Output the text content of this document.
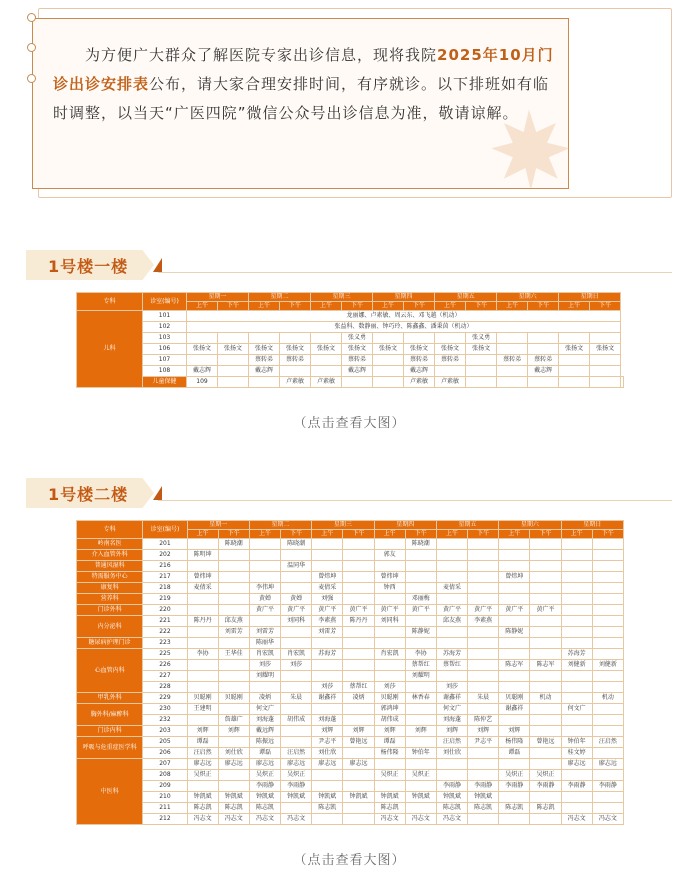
为方便广大群众了解医院专家出诊信息，现将我院2025年10月门诊出诊安排表公布，请大家合理安排时间，有序就诊。以下排班如有临时调整，以当天“广医四院”微信公众号出诊信息为准，敬请谅解。
1号楼一楼
专科	诊室(编号)	星期一		星期二		星期三		星期四		星期五		星期六		星期日		
		上午	下午	上午	下午	上午	下午	上午	下午	上午	下午	上午	下午	上午	下午	
儿科	101	龙丽娜、卢素敏、周云东、邓飞越（机动）														
	102	张益科、数静丽、钟巧玲、陈鑫鑫、潘秉茵（机动）														
	103						张义勇				张义勇					
	106	张扬文	张扬文	张扬文	张扬文	张扬文	张扬文	张扬文	张扬文	张扬文	张扬文			张扬文	张扬文	
	107			蔡转弟	蔡转弟		蔡转弟		蔡转弟	蔡转弟		蔡转弟	蔡转弟			
	108	戴志辉		戴志辉			戴志辉		戴志辉				戴志辉			
	儿童保健	109			卢素敏	卢素敏			卢素敏	卢素敏						
（点击查看大图）
1号楼二楼
专科	诊室(编号)	星期一		星期二		星期三		星期四		星期五		星期六		星期日	
		上午	下午	上午	下午	上午	下午	上午	下午	上午	下午	上午	下午	上午	下午
岭南名医	201		陈晓潮		陈晓潮				陈晓潮						
介入血管外科	202	陈明坤						郭友							
普通风湿科	216				温同华										
特需服务中心	217	曾炜坤				曾炜坤		曾炜坤				曾炜坤			
康复科	218	麦倩采		李伟坤		麦倩采		钟西		麦倩采					
营养科	219			黄婵	黄婵	刘强			邓丽梅						
门诊外科	220			黄广平	黄广平	黄广平	黄广平	黄广平	黄广平	黄广平	黄广平	黄广平	黄广平		
内分泌科	221	陈丹丹	邱友燕		刘同科	李素燕	陈丹丹	刘同科		邱友燕	李素燕				
	222		刘雷芳	刘雷芳		刘雷芳			陈静妮			陈静妮			
糖尿病护理门诊	223			陈丽华											
心血管内科	225	李协	王华佳	肖宏凯	肖宏凯	苏海芳		肖宏凯	李协	苏海芳				苏海芳	
	226			刘莎	刘莎				蔡帮红	蔡帮红		陈志军	陈志军	刘健新	刘健新
	227			刘耀明					刘耀明						
	228					刘莎	蔡帮红	刘莎		刘莎					
甲乳外科	229	贝聪刚	贝聪刚	凌炳	朱晨	谢鑫祥	凌炳	贝聪刚	林香春	谢鑫祥	朱晨	贝聪刚	机动		机动
胸外科/麻醉科	230	王建明		何文广				郭鸿坤		何文广		谢鑫祥		何文广	
	232		詹雄广	刘海蓬	胡伟成	刘海蓬		胡伟成		刘海蓬	陈仲艺				
门诊内科	203	刘辉	刘辉	戴远辉		刘辉	刘辉	刘辉	刘辉	刘辉	刘辉	刘辉			
呼吸与危重症医学科	205	谭磊		陈振远		尹志平	曾艳远	谭磊		汪启然	尹志平	杨伟隆	曾艳远	钟伯年	汪启然
	206	汪启然	刘仕欣	谭磊	汪启然	刘仕欣		杨伟隆	钟伯年	刘仕欣		谭磊		桂文婷	
中医科	207	廖志远	廖志远	廖志远	廖志远	廖志远	廖志远							廖志远	廖志远
	208	吴炽正		吴炽正	吴炽正			吴炽正	吴炽正			吴炽正	吴炽正		
	209			李雨静	李雨静					李雨静	李雨静	李雨静	李雨静	李雨静	李雨静
	210	钟凯斌	钟凯斌	钟凯斌	钟凯斌	钟凯斌	钟凯斌	钟凯斌	钟凯斌	钟凯斌	钟凯斌				
	211	陈志凯	陈志凯	陈志凯		陈志凯		陈志凯		陈志凯	陈志凯	陈志凯	陈志凯		
	212	冯志文	冯志文	冯志文	冯志文			冯志文	冯志文	冯志文				冯志文	冯志文
（点击查看大图）
